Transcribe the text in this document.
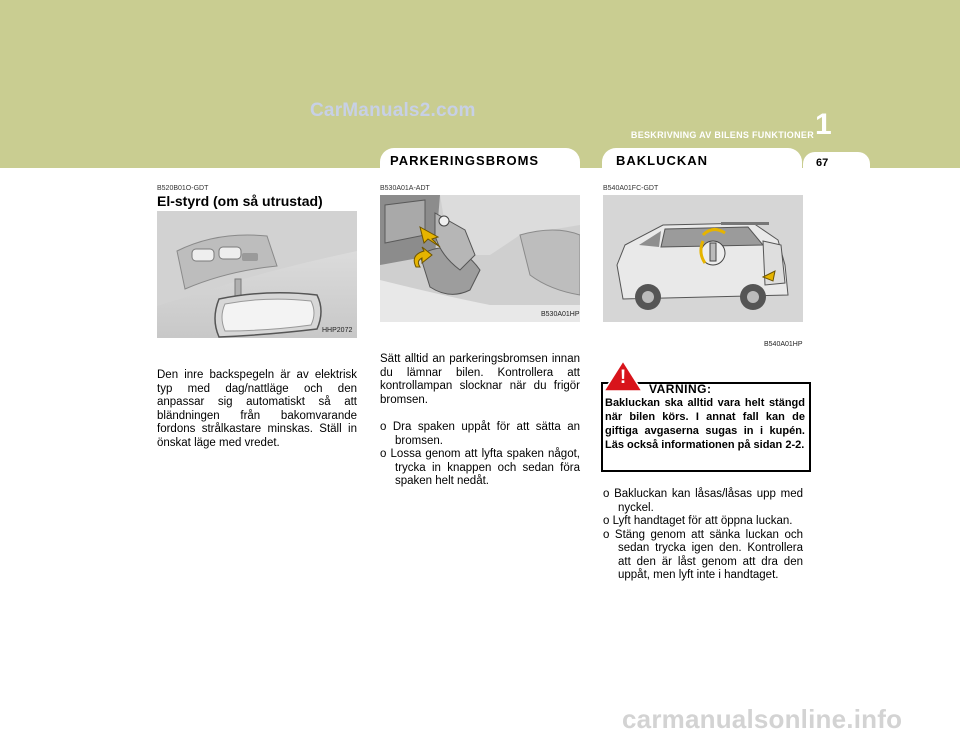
CarManuals2.com
BESKRIVNING AV BILENS FUNKTIONER 1
PARKERINGSBROMS	BAKLUCKAN	67
B520B01O-GDT
El-styrd (om så utrustad)
HHP2072
Den inre backspegeln är av elektrisk typ med dag/nattläge och den anpassar sig automatiskt så att bländningen från bakomvarande fordons strålkastare minskas. Ställ in önskat läge med vredet.
B530A01A-ADT
B530A01HP
Sätt alltid an parkeringsbromsen innan du lämnar bilen. Kontrollera att kontrollampan slocknar när du frigör bromsen.
o Dra spaken uppåt för att sätta an bromsen.
o Lossa genom att lyfta spaken något, trycka in knappen och sedan föra spaken helt nedåt.
B540A01FC-GDT
B540A01HP
!
VARNING:
Bakluckan ska alltid vara helt stängd när bilen körs. I annat fall kan de giftiga avgaserna sugas in i kupén. Läs också informationen på sidan 2-2.
o Bakluckan kan låsas/låsas upp med nyckel.
o Lyft handtaget för att öppna luckan.
o Stäng genom att sänka luckan och sedan trycka igen den. Kontrollera att den är låst genom att dra den uppåt, men lyft inte i handtaget.
carmanualsonline.info
